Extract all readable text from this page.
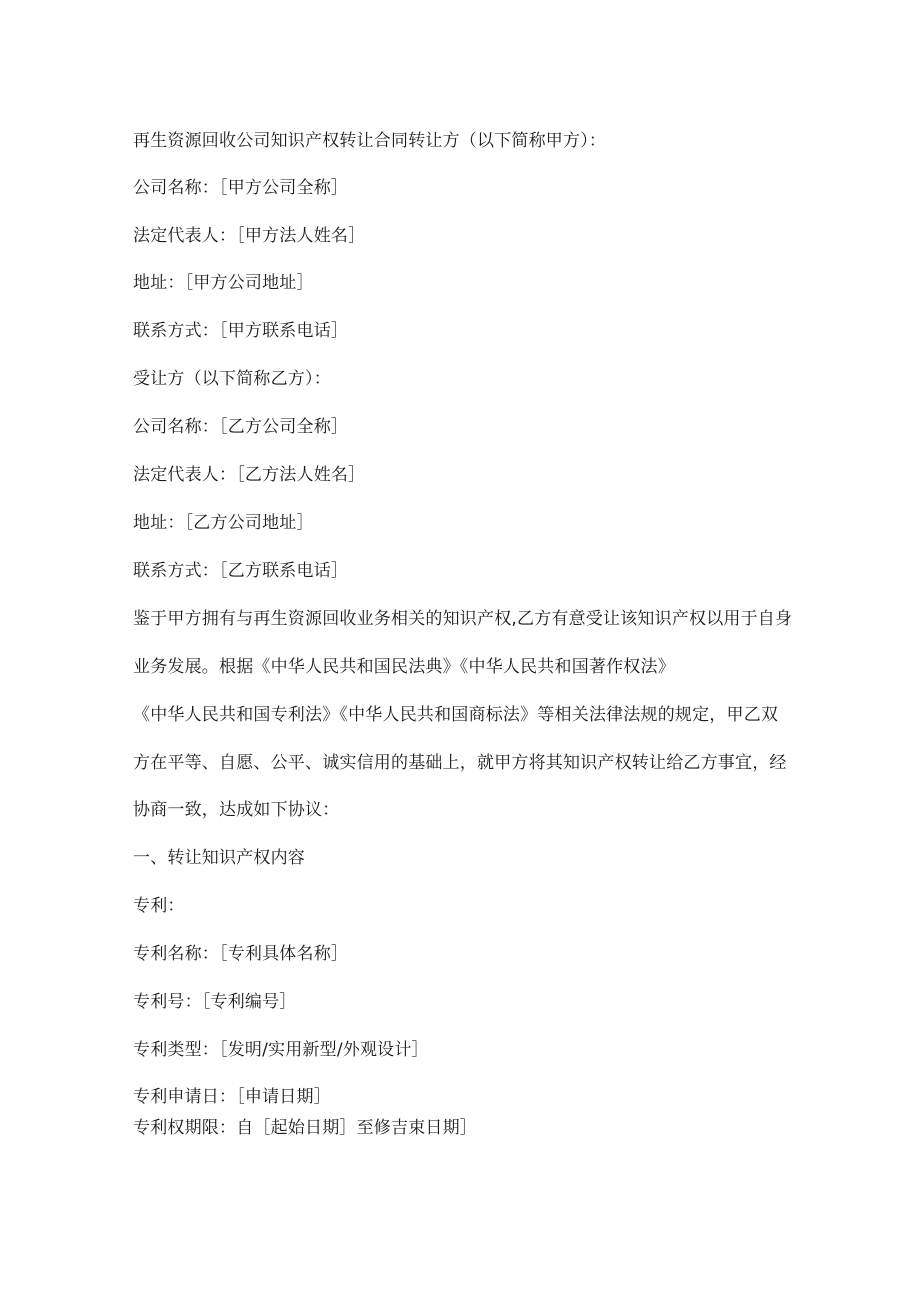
再生资源回收公司知识产权转让合同转让方（以下简称甲方）：
公司名称：［甲方公司全称］
法定代表人：［甲方法人姓名］
地址：［甲方公司地址］
联系方式：［甲方联系电话］
受让方（以下简称乙方）：
公司名称：［乙方公司全称］
法定代表人：［乙方法人姓名］
地址：［乙方公司地址］
联系方式：［乙方联系电话］
鉴于甲方拥有与再生资源回收业务相关的知识产权,乙方有意受让该知识产权以用于自身
业务发展。根据《中华人民共和国民法典》《中华人民共和国著作权法》
《中华人民共和国专利法》《中华人民共和国商标法》等相关法律法规的规定，甲乙双
方在平等、自愿、公平、诚实信用的基础上，就甲方将其知识产权转让给乙方事宜，经
协商一致，达成如下协议：
一、转让知识产权内容
专利：
专利名称：［专利具体名称］
专利号：［专利编号］
专利类型：［发明/实用新型/外观设计］
专利申请日：［申请日期］
专利权期限：自［起始日期］至修吉束日期］
